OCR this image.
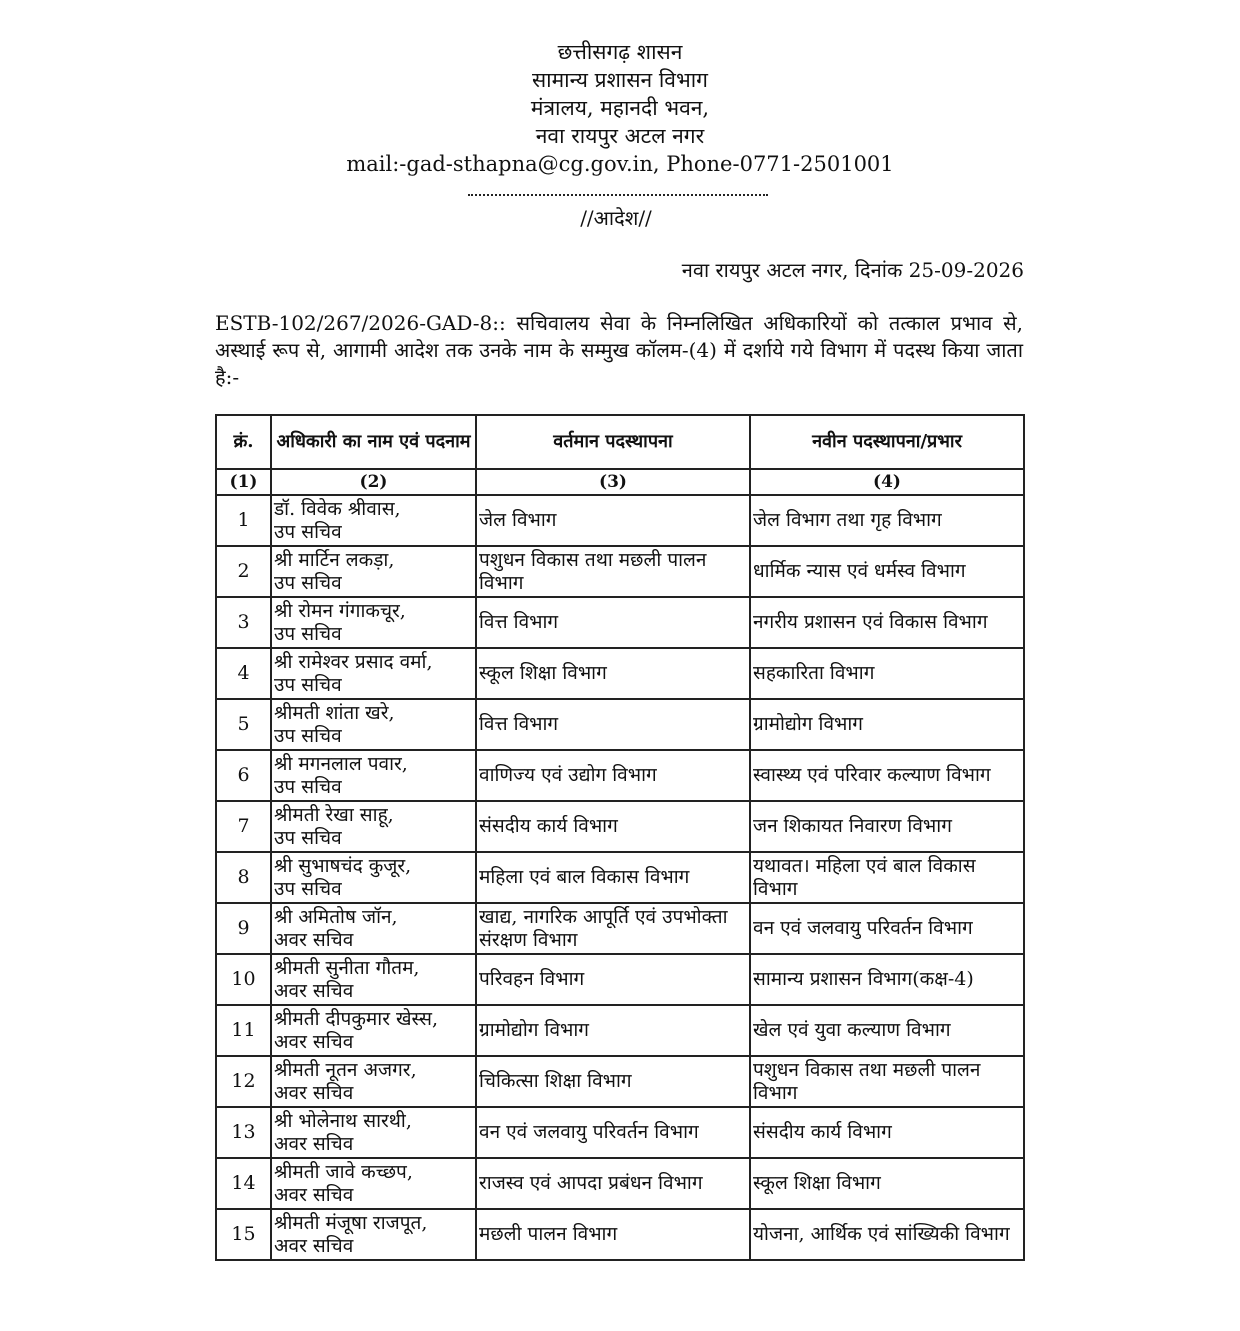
छत्तीसगढ़ शासन

सामान्य प्रशासन विभाग

मंत्रालय, महानदी भवन,

नवा रायपुर अटल नगर

mail:-gad-sthapna@cg.gov.in, Phone-0771-2501001

//आदेश//
नवा रायपुर अटल नगर, दिनांक 25-09-2026
ESTB-102/267/2026-GAD-8:: सचिवालय सेवा के निम्नलिखित अधिकारियों को तत्काल प्रभाव से, अस्थाई रूप से, आगामी आदेश तक उनके नाम के सम्मुख कॉलम-(4) में दर्शाये गये विभाग में पदस्थ किया जाता है:-
क्रं.	अधिकारी का नाम एवं पदनाम	वर्तमान पदस्थापना	नवीन पदस्थापना/प्रभार
(1)	(2)	(3)	(4)
1	डॉ. विवेक श्रीवास,
उप सचिव	जेल विभाग	जेल विभाग तथा गृह विभाग
2	श्री मार्टिन लकड़ा,
उप सचिव	पशुधन विकास तथा मछली पालन विभाग	धार्मिक न्यास एवं धर्मस्व विभाग
3	श्री रोमन गंगाकचूर,
उप सचिव	वित्त विभाग	नगरीय प्रशासन एवं विकास विभाग
4	श्री रामेश्वर प्रसाद वर्मा,
उप सचिव	स्कूल शिक्षा विभाग	सहकारिता विभाग
5	श्रीमती शांता खरे,
उप सचिव	वित्त विभाग	ग्रामोद्योग विभाग
6	श्री मगनलाल पवार,
उप सचिव	वाणिज्य एवं उद्योग विभाग	स्वास्थ्य एवं परिवार कल्याण विभाग
7	श्रीमती रेखा साहू,
उप सचिव	संसदीय कार्य विभाग	जन शिकायत निवारण विभाग
8	श्री सुभाषचंद कुजूर,
उप सचिव	महिला एवं बाल विकास विभाग	यथावत। महिला एवं बाल विकास विभाग
9	श्री अमितोष जॉन,
अवर सचिव	खाद्य, नागरिक आपूर्ति एवं उपभोक्ता संरक्षण विभाग	वन एवं जलवायु परिवर्तन विभाग
10	श्रीमती सुनीता गौतम,
अवर सचिव	परिवहन विभाग	सामान्य प्रशासन विभाग(कक्ष-4)
11	श्रीमती दीपकुमार खेस्स,
अवर सचिव	ग्रामोद्योग विभाग	खेल एवं युवा कल्याण विभाग
12	श्रीमती नूतन अजगर,
अवर सचिव	चिकित्सा शिक्षा विभाग	पशुधन विकास तथा मछली पालन विभाग
13	श्री भोलेनाथ सारथी,
अवर सचिव	वन एवं जलवायु परिवर्तन विभाग	संसदीय कार्य विभाग
14	श्रीमती जावे कच्छप,
अवर सचिव	राजस्व एवं आपदा प्रबंधन विभाग	स्कूल शिक्षा विभाग
15	श्रीमती मंजूषा राजपूत,
अवर सचिव	मछली पालन विभाग	योजना, आर्थिक एवं सांख्यिकी विभाग
